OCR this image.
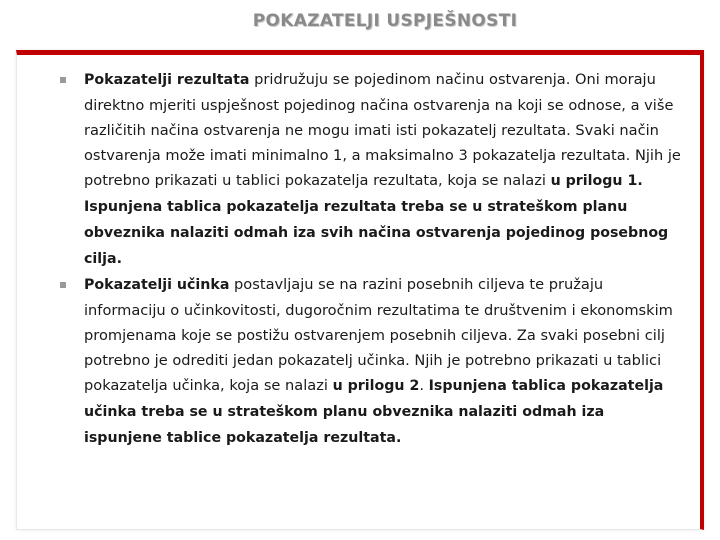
POKAZATELJI USPJEŠNOSTI
Pokazatelji rezultata pridružuju se pojedinom načinu ostvarenja. Oni moraju direktno mjeriti uspješnost pojedinog načina ostvarenja na koji se odnose, a više različitih načina ostvarenja ne mogu imati isti pokazatelj rezultata. Svaki način ostvarenja može imati minimalno 1, a maksimalno 3 pokazatelja rezultata. Njih je potrebno prikazati u tablici pokazatelja rezultata, koja se nalazi u prilogu 1. Ispunjena tablica pokazatelja rezultata treba se u strateškom planu obveznika nalaziti odmah iza svih načina ostvarenja pojedinog posebnog cilja.
Pokazatelji učinka postavljaju se na razini posebnih ciljeva te pružaju informaciju o učinkovitosti, dugoročnim rezultatima te društvenim i ekonomskim promjenama koje se postižu ostvarenjem posebnih ciljeva. Za svaki posebni cilj potrebno je odrediti jedan pokazatelj učinka. Njih je potrebno prikazati u tablici pokazatelja učinka, koja se nalazi u prilogu 2. Ispunjena tablica pokazatelja učinka treba se u strateškom planu obveznika nalaziti odmah iza ispunjene tablice pokazatelja rezultata.
